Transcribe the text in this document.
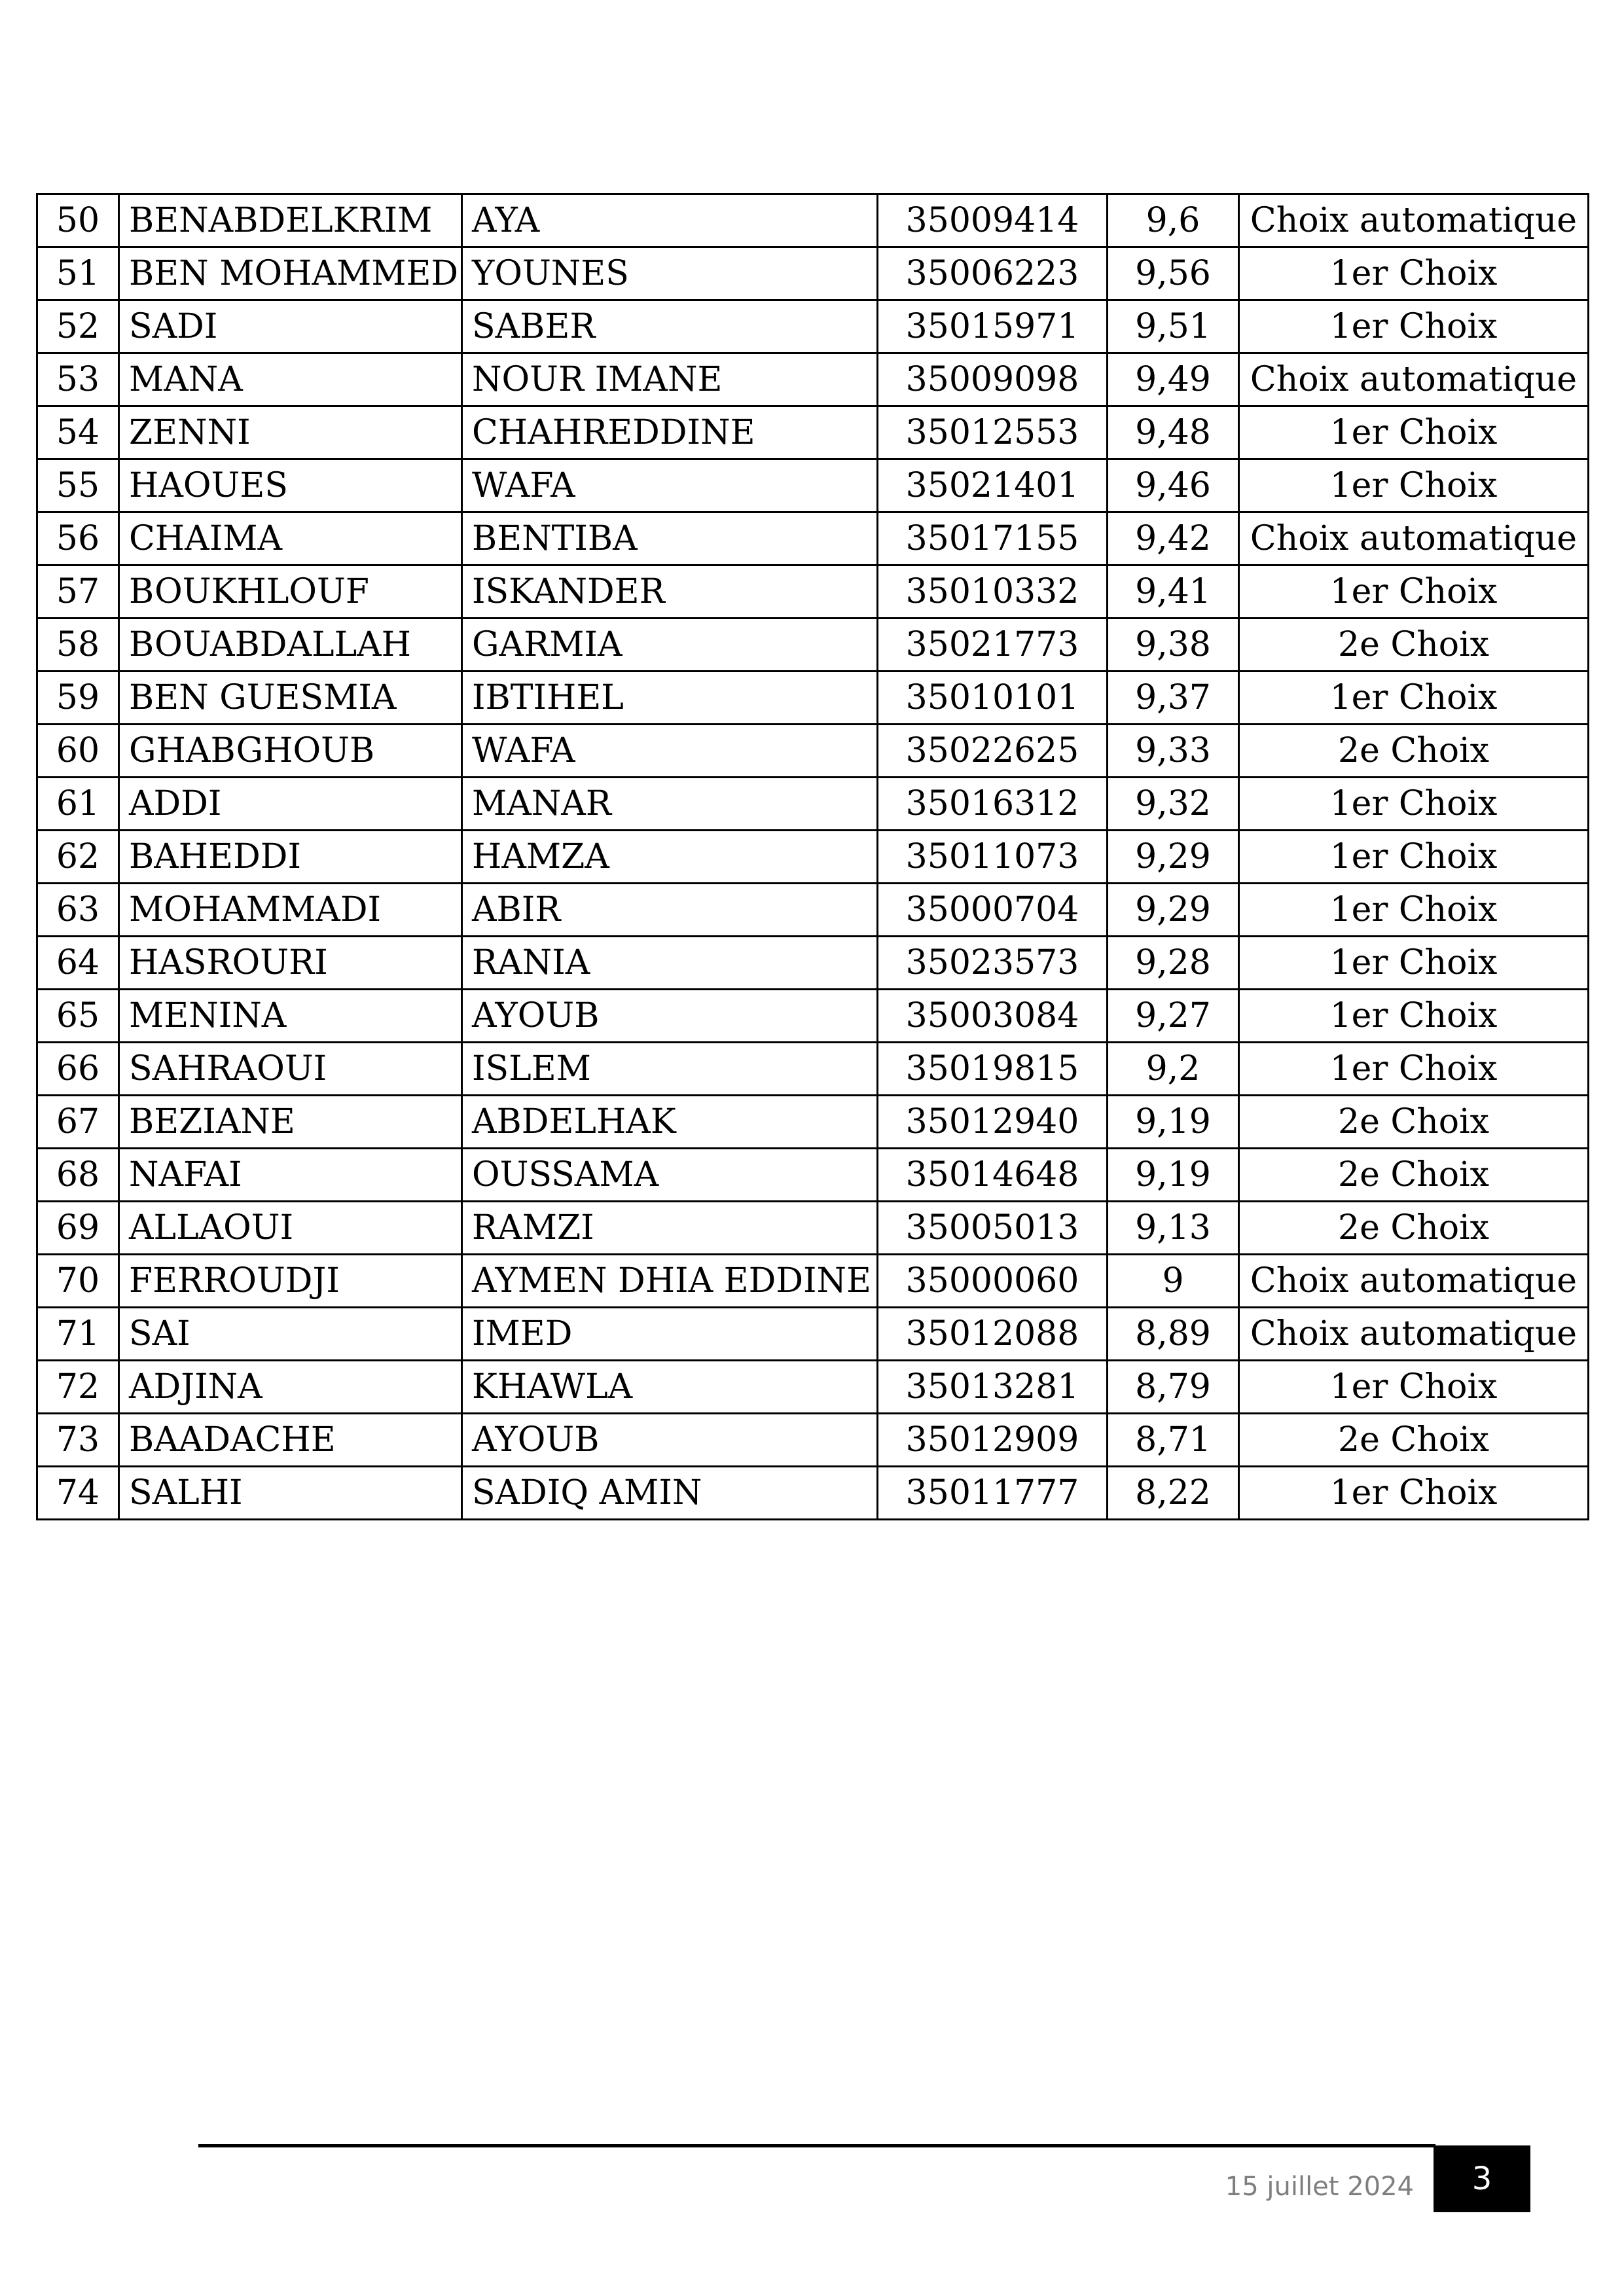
50	BENABDELKRIM	AYA	35009414	9,6	Choix automatique
51	BEN MOHAMMED	YOUNES	35006223	9,56	1er Choix
52	SADI	SABER	35015971	9,51	1er Choix
53	MANA	NOUR IMANE	35009098	9,49	Choix automatique
54	ZENNI	CHAHREDDINE	35012553	9,48	1er Choix
55	HAOUES	WAFA	35021401	9,46	1er Choix
56	CHAIMA	BENTIBA	35017155	9,42	Choix automatique
57	BOUKHLOUF	ISKANDER	35010332	9,41	1er Choix
58	BOUABDALLAH	GARMIA	35021773	9,38	2e Choix
59	BEN GUESMIA	IBTIHEL	35010101	9,37	1er Choix
60	GHABGHOUB	WAFA	35022625	9,33	2e Choix
61	ADDI	MANAR	35016312	9,32	1er Choix
62	BAHEDDI	HAMZA	35011073	9,29	1er Choix
63	MOHAMMADI	ABIR	35000704	9,29	1er Choix
64	HASROURI	RANIA	35023573	9,28	1er Choix
65	MENINA	AYOUB	35003084	9,27	1er Choix
66	SAHRAOUI	ISLEM	35019815	9,2	1er Choix
67	BEZIANE	ABDELHAK	35012940	9,19	2e Choix
68	NAFAI	OUSSAMA	35014648	9,19	2e Choix
69	ALLAOUI	RAMZI	35005013	9,13	2e Choix
70	FERROUDJI	AYMEN DHIA EDDINE	35000060	9	Choix automatique
71	SAI	IMED	35012088	8,89	Choix automatique
72	ADJINA	KHAWLA	35013281	8,79	1er Choix
73	BAADACHE	AYOUB	35012909	8,71	2e Choix
74	SALHI	SADIQ AMIN	35011777	8,22	1er Choix
15 juillet 2024	3
